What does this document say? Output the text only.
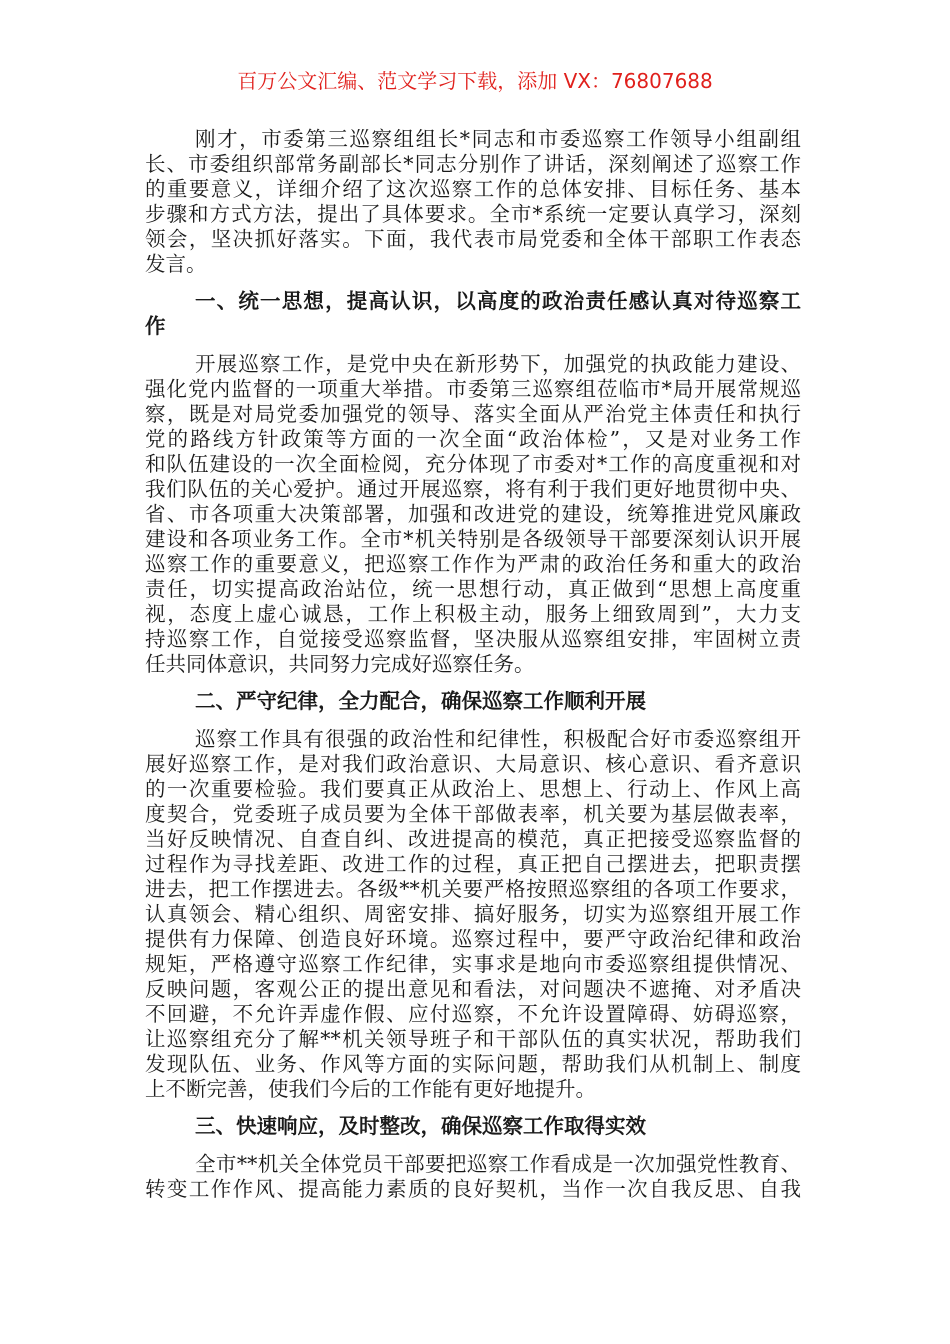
百万公文汇编、范文学习下载，添加 VX：76807688
刚才，市委第三巡察组组长*同志和市委巡察工作领导小组副组
长、市委组织部常务副部长*同志分别作了讲话，深刻阐述了巡察工作
的重要意义，详细介绍了这次巡察工作的总体安排、目标任务、基本
步骤和方式方法，提出了具体要求。全市*系统一定要认真学习，深刻
领会，坚决抓好落实。下面，我代表市局党委和全体干部职工作表态
发言。
一、统一思想，提高认识，以高度的政治责任感认真对待巡察工
作
开展巡察工作，是党中央在新形势下，加强党的执政能力建设、
强化党内监督的一项重大举措。市委第三巡察组莅临市*局开展常规巡
察，既是对局党委加强党的领导、落实全面从严治党主体责任和执行
党的路线方针政策等方面的一次全面“政治体检”，又是对业务工作
和队伍建设的一次全面检阅，充分体现了市委对*工作的高度重视和对
我们队伍的关心爱护。通过开展巡察，将有利于我们更好地贯彻中央、
省、市各项重大决策部署，加强和改进党的建设，统筹推进党风廉政
建设和各项业务工作。全市*机关特别是各级领导干部要深刻认识开展
巡察工作的重要意义，把巡察工作作为严肃的政治任务和重大的政治
责任，切实提高政治站位，统一思想行动，真正做到“思想上高度重
视，态度上虚心诚恳，工作上积极主动，服务上细致周到”，大力支
持巡察工作，自觉接受巡察监督，坚决服从巡察组安排，牢固树立责
任共同体意识，共同努力完成好巡察任务。
二、严守纪律，全力配合，确保巡察工作顺利开展
巡察工作具有很强的政治性和纪律性，积极配合好市委巡察组开
展好巡察工作，是对我们政治意识、大局意识、核心意识、看齐意识
的一次重要检验。我们要真正从政治上、思想上、行动上、作风上高
度契合，党委班子成员要为全体干部做表率，机关要为基层做表率，
当好反映情况、自查自纠、改进提高的模范，真正把接受巡察监督的
过程作为寻找差距、改进工作的过程，真正把自己摆进去，把职责摆
进去，把工作摆进去。各级**机关要严格按照巡察组的各项工作要求，
认真领会、精心组织、周密安排、搞好服务，切实为巡察组开展工作
提供有力保障、创造良好环境。巡察过程中，要严守政治纪律和政治
规矩，严格遵守巡察工作纪律，实事求是地向市委巡察组提供情况、
反映问题，客观公正的提出意见和看法，对问题决不遮掩、对矛盾决
不回避，不允许弄虚作假、应付巡察，不允许设置障碍、妨碍巡察，
让巡察组充分了解**机关领导班子和干部队伍的真实状况，帮助我们
发现队伍、业务、作风等方面的实际问题，帮助我们从机制上、制度
上不断完善，使我们今后的工作能有更好地提升。
三、快速响应，及时整改，确保巡察工作取得实效
全市**机关全体党员干部要把巡察工作看成是一次加强党性教育、
转变工作作风、提高能力素质的良好契机，当作一次自我反思、自我
